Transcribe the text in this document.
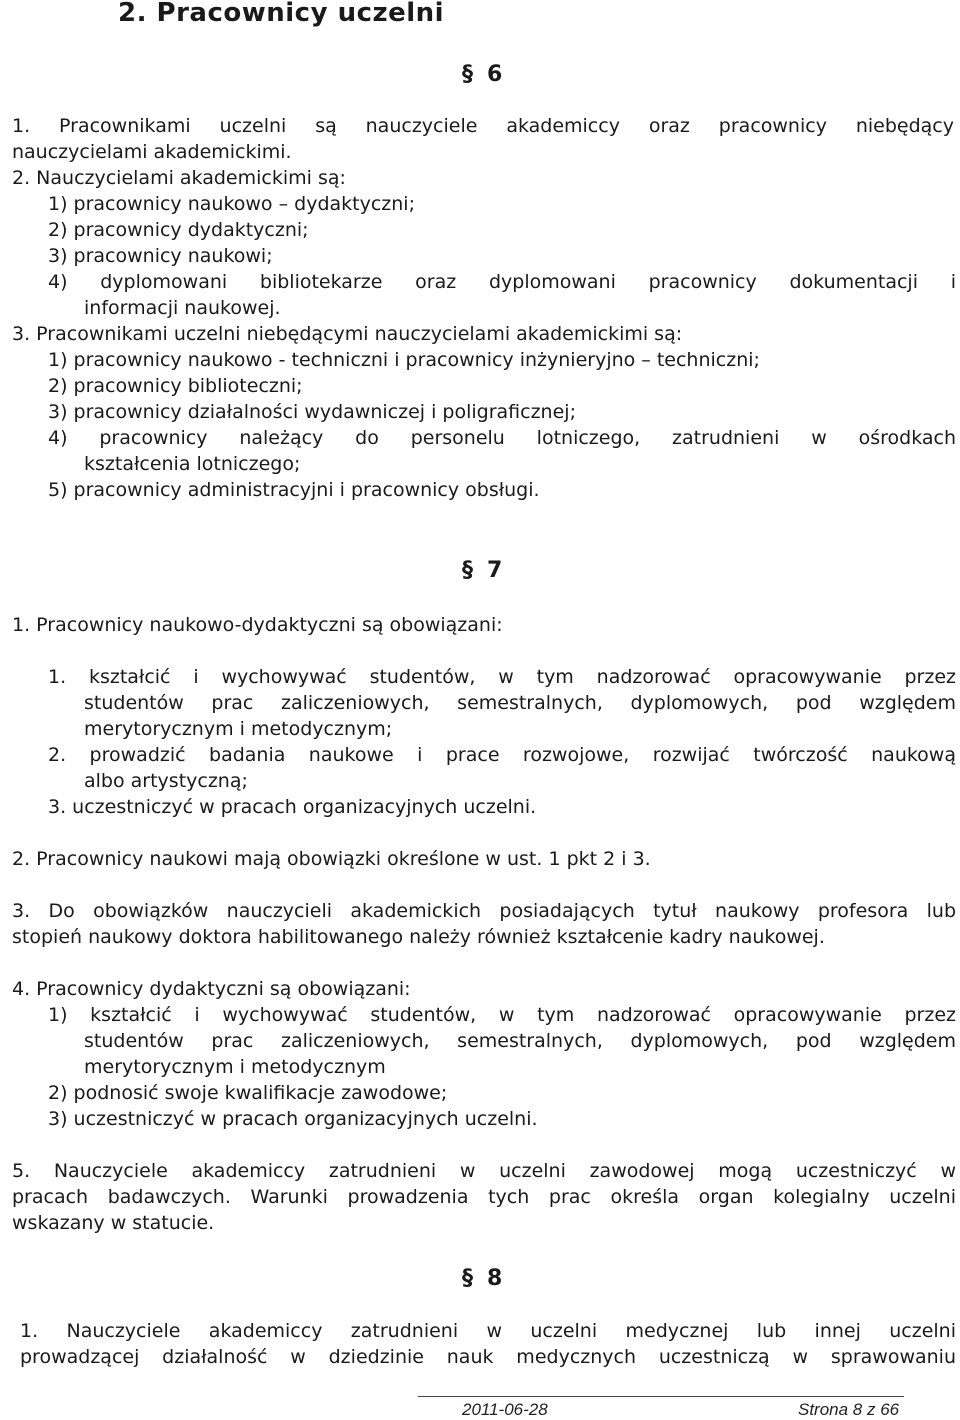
2. Pracownicy uczelni
§ 6
1. Pracownikami uczelni są nauczyciele akademiccy oraz pracownicy niebędący
nauczycielami akademickimi.
2. Nauczycielami akademickimi są:
1) pracownicy naukowo – dydaktyczni;
2) pracownicy dydaktyczni;
3) pracownicy naukowi;
4) dyplomowani bibliotekarze oraz dyplomowani pracownicy dokumentacji i
informacji naukowej.
3. Pracownikami uczelni niebędącymi nauczycielami akademickimi są:
1) pracownicy naukowo - techniczni i pracownicy inżynieryjno – techniczni;
2) pracownicy biblioteczni;
3) pracownicy działalności wydawniczej i poligraficznej;
4) pracownicy należący do personelu lotniczego, zatrudnieni w ośrodkach
kształcenia lotniczego;
5) pracownicy administracyjni i pracownicy obsługi.
§ 7
1. Pracownicy naukowo-dydaktyczni są obowiązani:
1. kształcić i wychowywać studentów, w tym nadzorować opracowywanie przez
studentów prac zaliczeniowych, semestralnych, dyplomowych, pod względem
merytorycznym i metodycznym;
2. prowadzić badania naukowe i prace rozwojowe, rozwijać twórczość naukową
albo artystyczną;
3. uczestniczyć w pracach organizacyjnych uczelni.
2. Pracownicy naukowi mają obowiązki określone w ust. 1 pkt 2 i 3.
3. Do obowiązków nauczycieli akademickich posiadających tytuł naukowy profesora lub
stopień naukowy doktora habilitowanego należy również kształcenie kadry naukowej.
4. Pracownicy dydaktyczni są obowiązani:
1) kształcić i wychowywać studentów, w tym nadzorować opracowywanie przez
studentów prac zaliczeniowych, semestralnych, dyplomowych, pod względem
merytorycznym i metodycznym
2) podnosić swoje kwalifikacje zawodowe;
3) uczestniczyć w pracach organizacyjnych uczelni.
5. Nauczyciele akademiccy zatrudnieni w uczelni zawodowej mogą uczestniczyć w
pracach badawczych. Warunki prowadzenia tych prac określa organ kolegialny uczelni
wskazany w statucie.
§ 8
1. Nauczyciele akademiccy zatrudnieni w uczelni medycznej lub innej uczelni
prowadzącej działalność w dziedzinie nauk medycznych uczestniczą w sprawowaniu
2011-06-28	Strona 8 z 66
